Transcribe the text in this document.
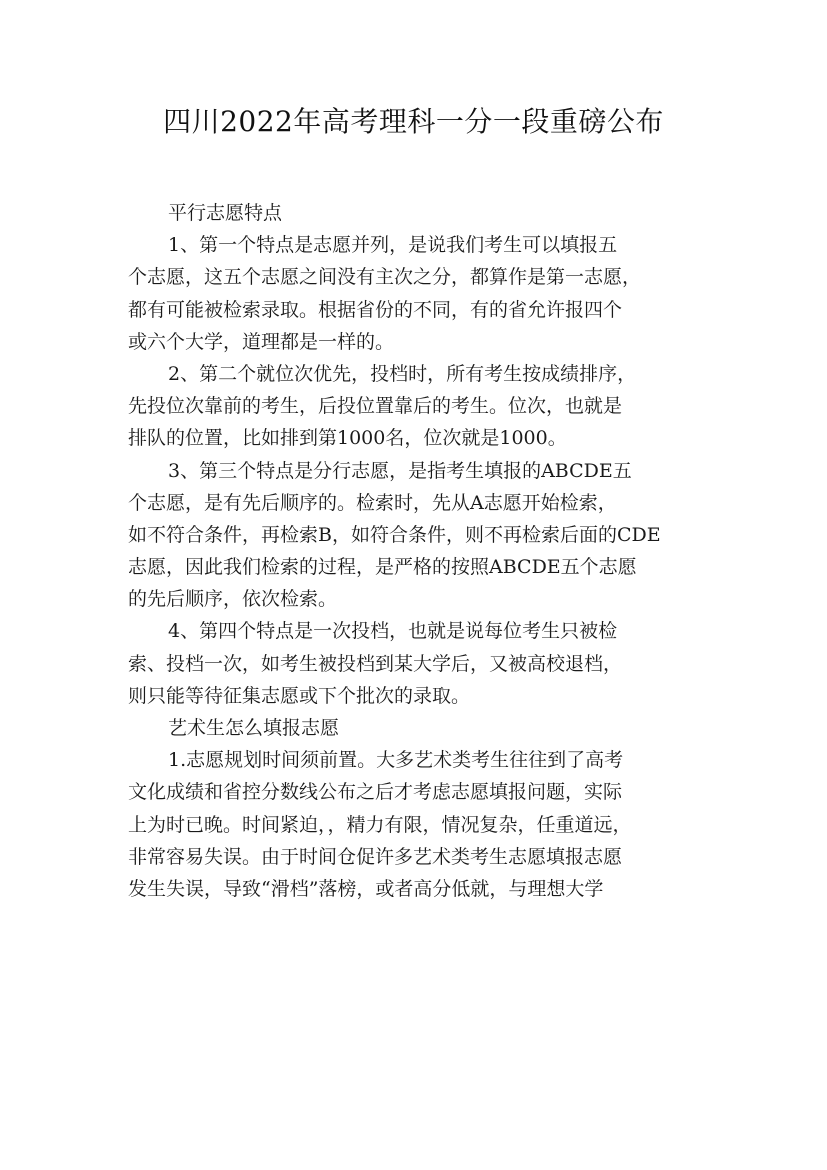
四川2022年高考理科一分一段重磅公布
平行志愿特点
1、第一个特点是志愿并列，是说我们考生可以填报五
个志愿，这五个志愿之间没有主次之分，都算作是第一志愿，
都有可能被检索录取。根据省份的不同，有的省允许报四个
或六个大学，道理都是一样的。
2、第二个就位次优先，投档时，所有考生按成绩排序，
先投位次靠前的考生，后投位置靠后的考生。位次，也就是
排队的位置，比如排到第1000名，位次就是1000。
3、第三个特点是分行志愿，是指考生填报的ABCDE五
个志愿，是有先后顺序的。检索时，先从A志愿开始检索，
如不符合条件，再检索B，如符合条件，则不再检索后面的CDE
志愿，因此我们检索的过程，是严格的按照ABCDE五个志愿
的先后顺序，依次检索。
4、第四个特点是一次投档，也就是说每位考生只被检
索、投档一次，如考生被投档到某大学后，又被高校退档，
则只能等待征集志愿或下个批次的录取。
艺术生怎么填报志愿
1.志愿规划时间须前置。大多艺术类考生往往到了高考
文化成绩和省控分数线公布之后才考虑志愿填报问题，实际
上为时已晚。时间紧迫，，精力有限，情况复杂，任重道远，
非常容易失误。由于时间仓促许多艺术类考生志愿填报志愿
发生失误，导致“滑档”落榜，或者高分低就，与理想大学
